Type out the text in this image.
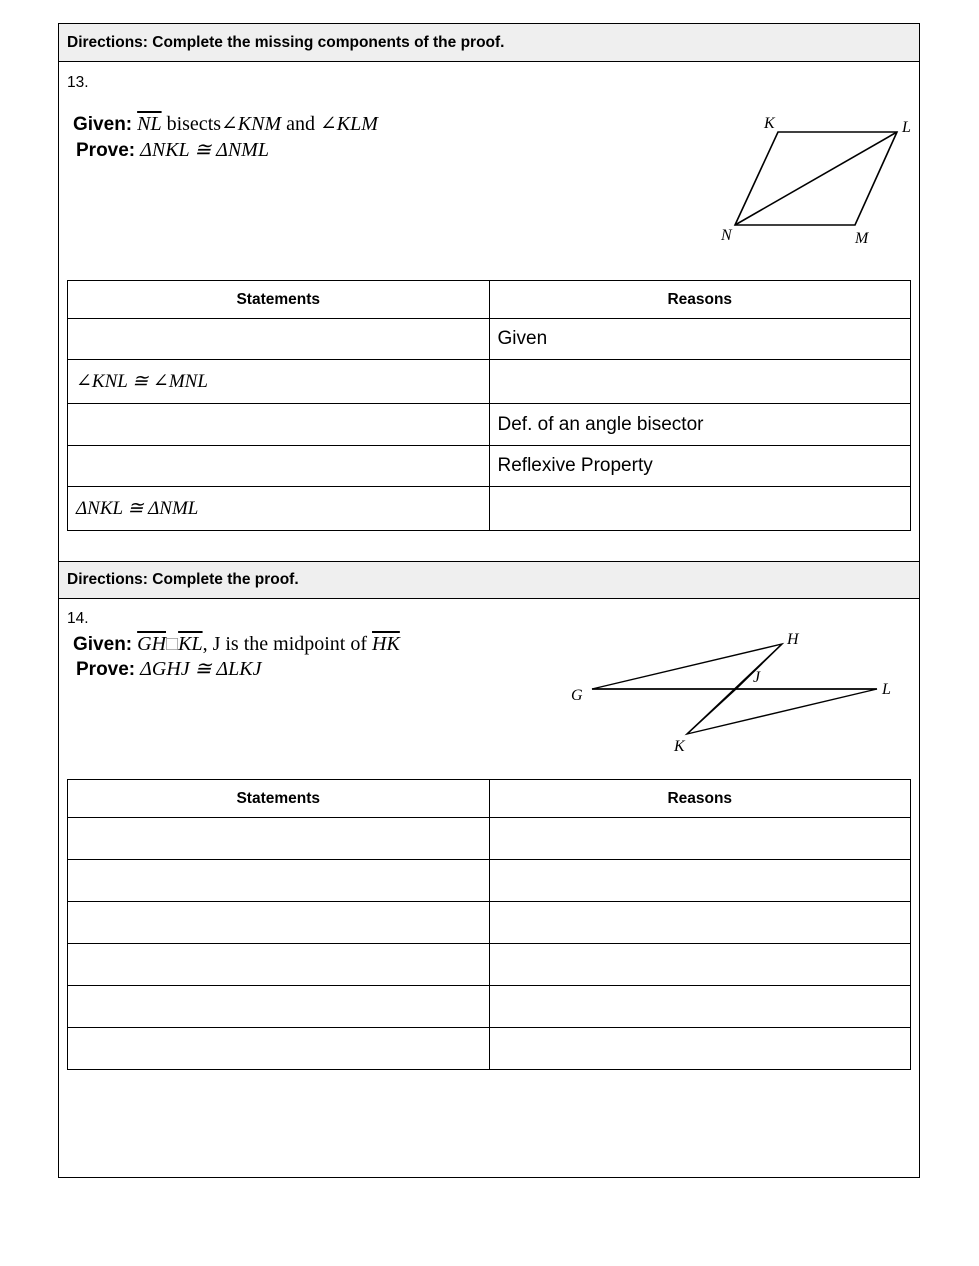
Directions: Complete the missing components of the proof.
13.
Given: $\overline{NL}$ bisects∠KNM and ∠KLM
Prove: ΔNKL ≅ ΔNML
K	L
N	M
Statements	Reasons
	Given
∠KNL ≅ ∠MNL	
	Def. of an angle bisector
	Reflexive Property
ΔNKL ≅ ΔNML	
Directions: Complete the proof.
14.
Given: $\overline{GH}□\overline{KL}$, J is the midpoint of $\overline{HK}$
Prove: ΔGHJ ≅ ΔLKJ
G
H
J
L
K
Statements	Reasons
